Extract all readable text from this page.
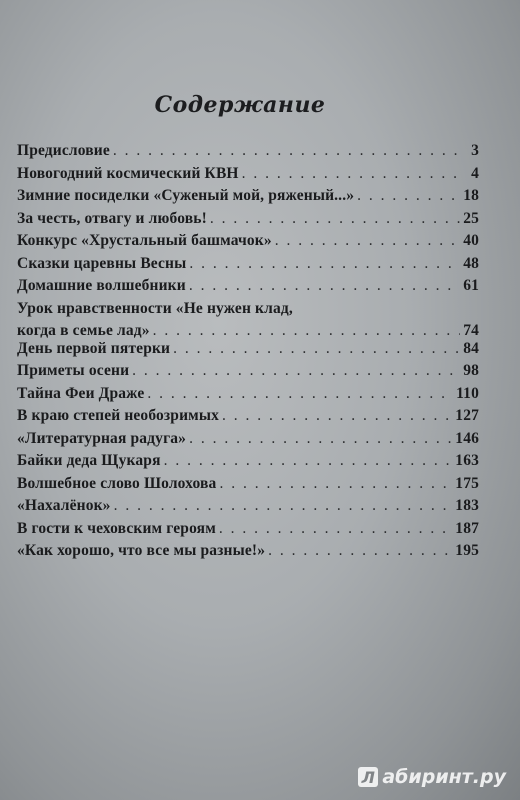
Содержание
Предисловие . . .	3
Новогодний космический КВН . . .	4
Зимние посиделки «Суженый мой, ряженый...» . . .	18
За честь, отвагу и любовь! . . .	25
Конкурс «Хрустальный башмачок» . . .	40
Сказки царевны Весны . . .	48
Домашние волшебники . . .	61
Урок нравственности «Не нужен клад,
когда в семье лад» . . .	74
День первой пятерки . . .	84
Приметы осени . . .	98
Тайна Феи Драже . . .	110
В краю степей необозримых . . .	127
«Литературная радуга» . . .	146
Байки деда Щукаря . . .	163
Волшебное слово Шолохова . . .	175
«Нахалёнок» . . .	183
В гости к чеховским героям . . .	187
«Как хорошо, что все мы разные!» . . .	195
Л абиринт.ру
